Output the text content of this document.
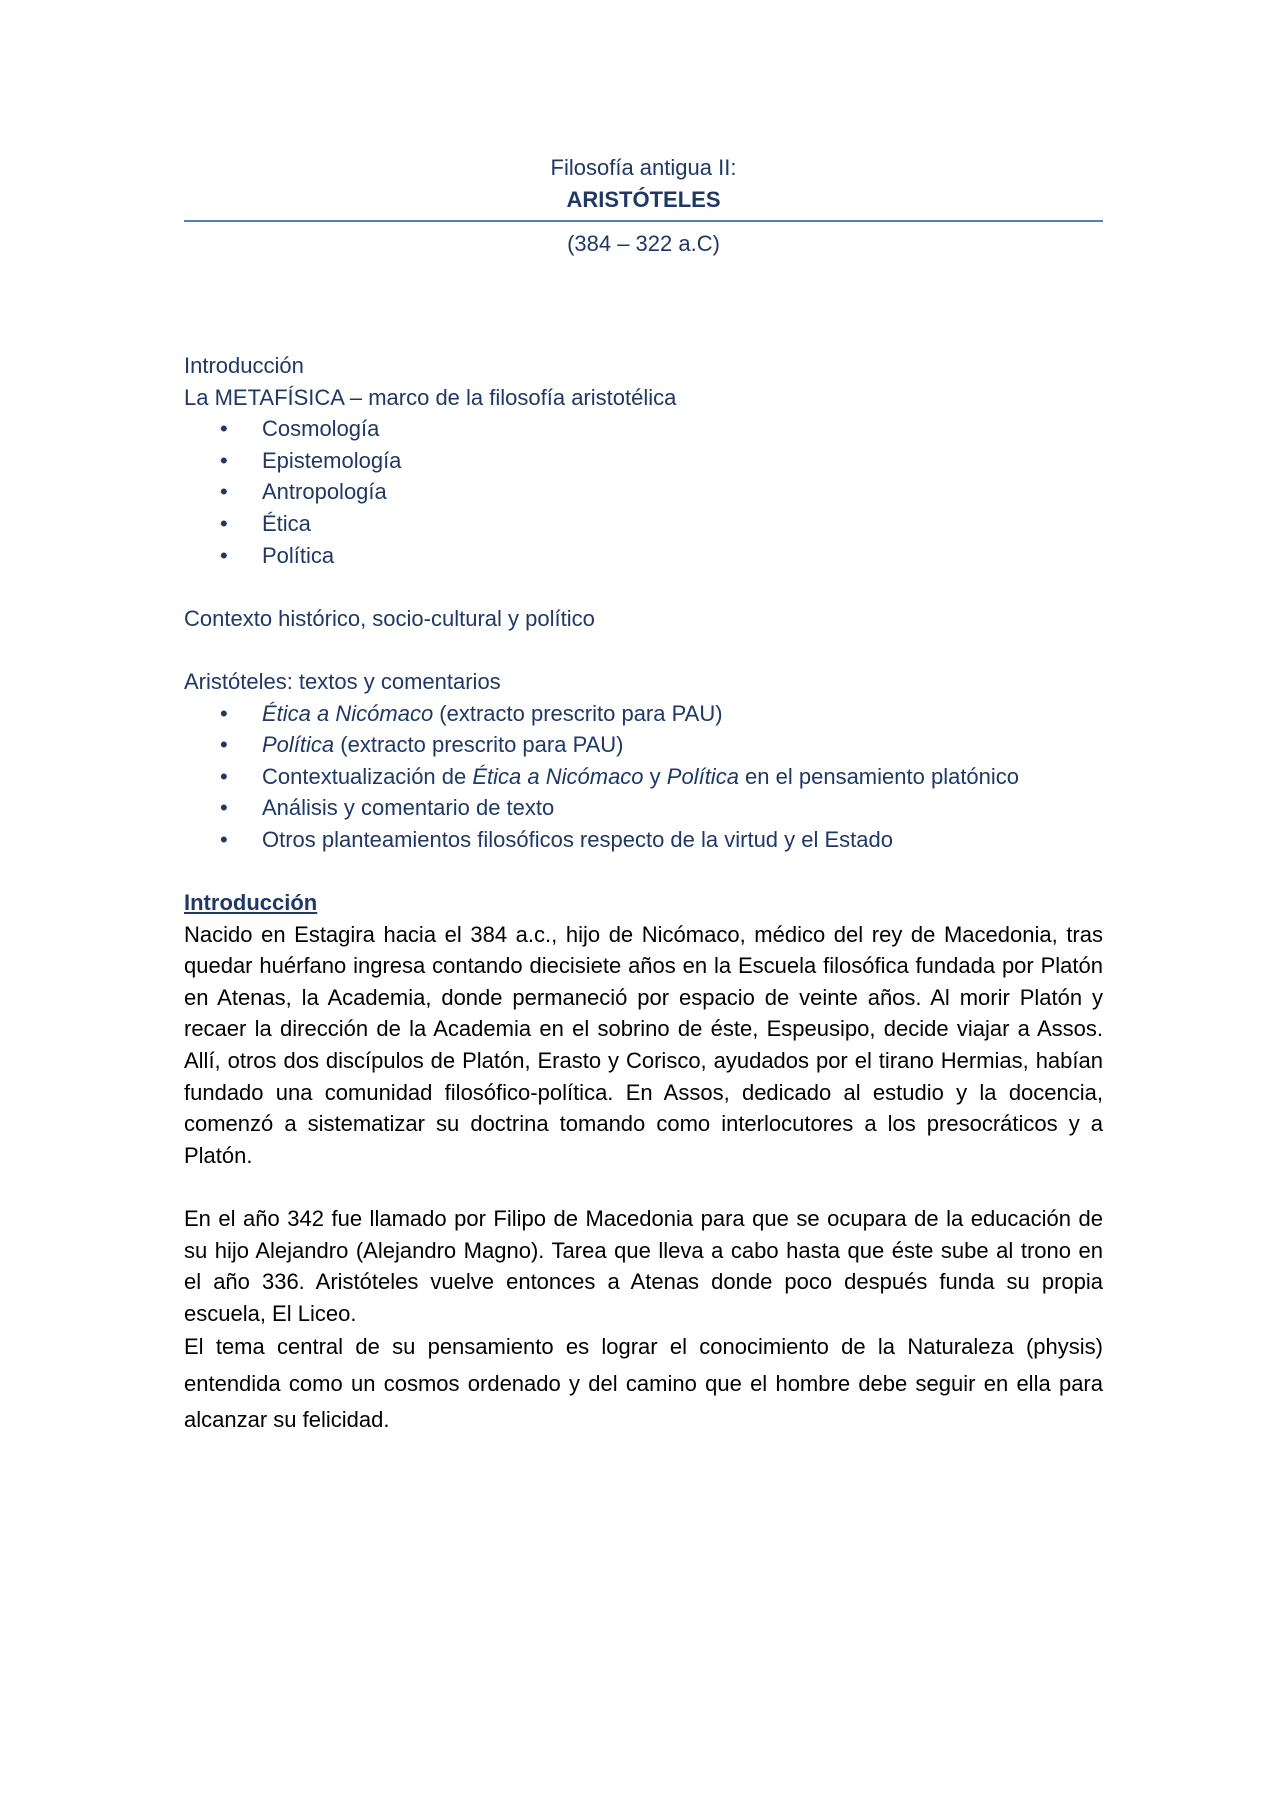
Filosofía antigua II:
ARISTÓTELES
(384 – 322 a.C)

Introducción

La METAFÍSICA – marco de la filosofía aristotélica

• Cosmología
• Epistemología
• Antropología
• Ética
• Política

Contexto histórico, socio-cultural y político

Aristóteles: textos y comentarios

• Ética a Nicómaco (extracto prescrito para PAU)
• Política (extracto prescrito para PAU)
• Contextualización de Ética a Nicómaco y Política en el pensamiento platónico
• Análisis y comentario de texto
• Otros planteamientos filosóficos respecto de la virtud y el Estado

Introducción

Nacido en Estagira hacia el 384 a.c., hijo de Nicómaco, médico del rey de Macedonia, tras quedar huérfano ingresa contando diecisiete años en la Escuela filosófica fundada por Platón en Atenas, la Academia, donde permaneció por espacio de veinte años. Al morir Platón y recaer la dirección de la Academia en el sobrino de éste, Espeusipo, decide viajar a Assos. Allí, otros dos discípulos de Platón, Erasto y Corisco, ayudados por el tirano Hermias, habían fundado una comunidad filosófico-política. En Assos, dedicado al estudio y la docencia, comenzó a sistematizar su doctrina tomando como interlocutores a los presocráticos y a Platón.

En el año 342 fue llamado por Filipo de Macedonia para que se ocupara de la educación de su hijo Alejandro (Alejandro Magno). Tarea que lleva a cabo hasta que éste sube al trono en el año 336. Aristóteles vuelve entonces a Atenas donde poco después funda su propia escuela, El Liceo.

El tema central de su pensamiento es lograr el conocimiento de la Naturaleza (physis) entendida como un cosmos ordenado y del camino que el hombre debe seguir en ella para alcanzar su felicidad.
